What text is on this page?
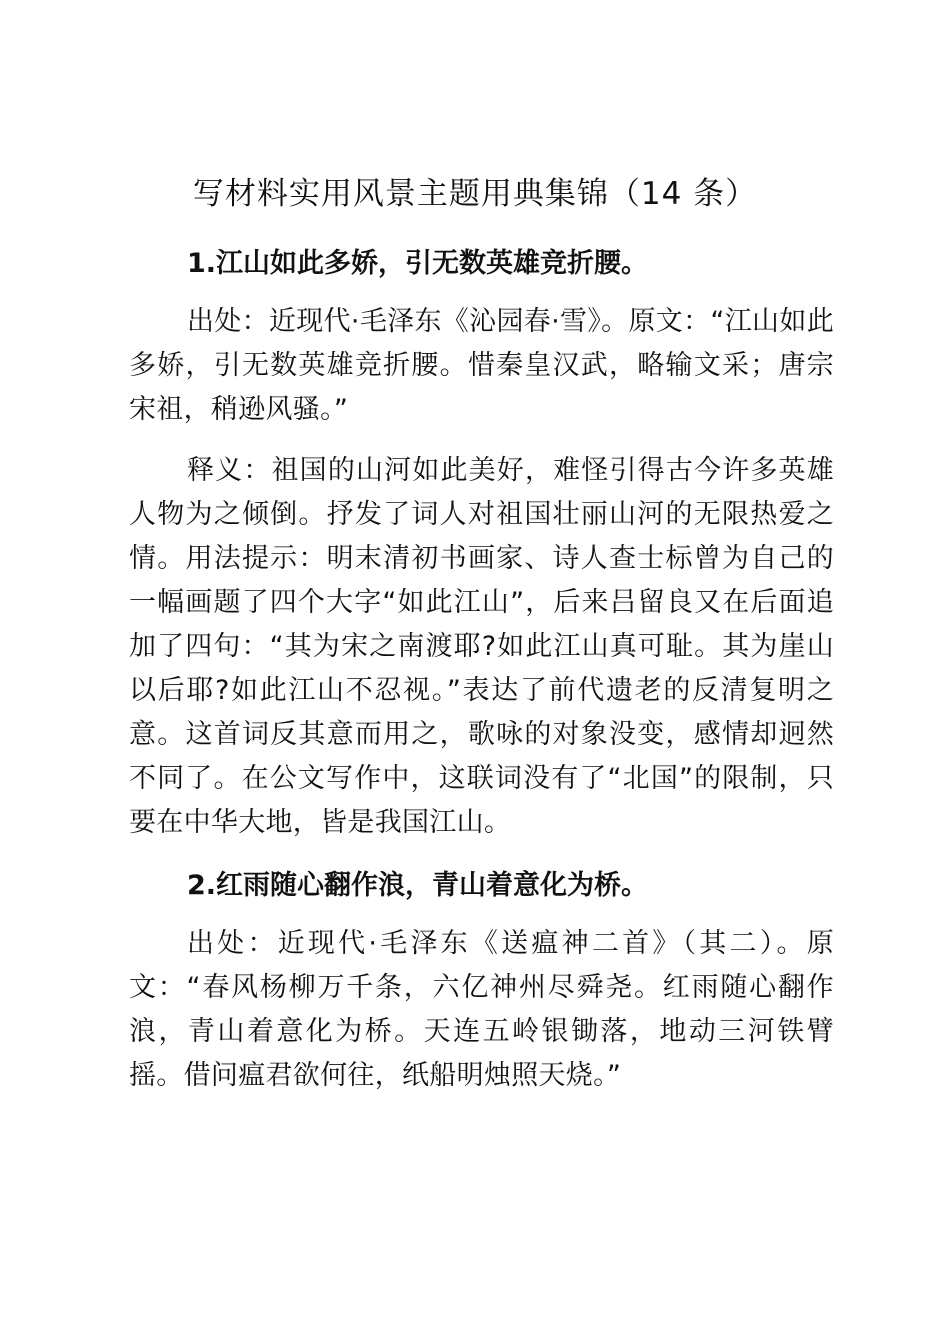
写材料实用风景主题用典集锦（14 条）

1.江山如此多娇，引无数英雄竞折腰。

出处：近现代·毛泽东《沁园春·雪》。原文：“江山如此多娇，引无数英雄竞折腰。惜秦皇汉武，略输文采；唐宗宋祖，稍逊风骚。”

释义：祖国的山河如此美好，难怪引得古今许多英雄人物为之倾倒。抒发了词人对祖国壮丽山河的无限热爱之情。用法提示：明末清初书画家、诗人查士标曾为自己的一幅画题了四个大字“如此江山”，后来吕留良又在后面追加了四句：“其为宋之南渡耶?如此江山真可耻。其为崖山以后耶?如此江山不忍视。”表达了前代遗老的反清复明之意。这首词反其意而用之，歌咏的对象没变，感情却迥然不同了。在公文写作中，这联词没有了“北国”的限制，只要在中华大地，皆是我国江山。

2.红雨随心翻作浪，青山着意化为桥。

出处：近现代·毛泽东《送瘟神二首》（其二）。原文：“春风杨柳万千条，六亿神州尽舜尧。红雨随心翻作浪，青山着意化为桥。天连五岭银锄落，地动三河铁臂摇。借问瘟君欲何往，纸船明烛照天烧。”
